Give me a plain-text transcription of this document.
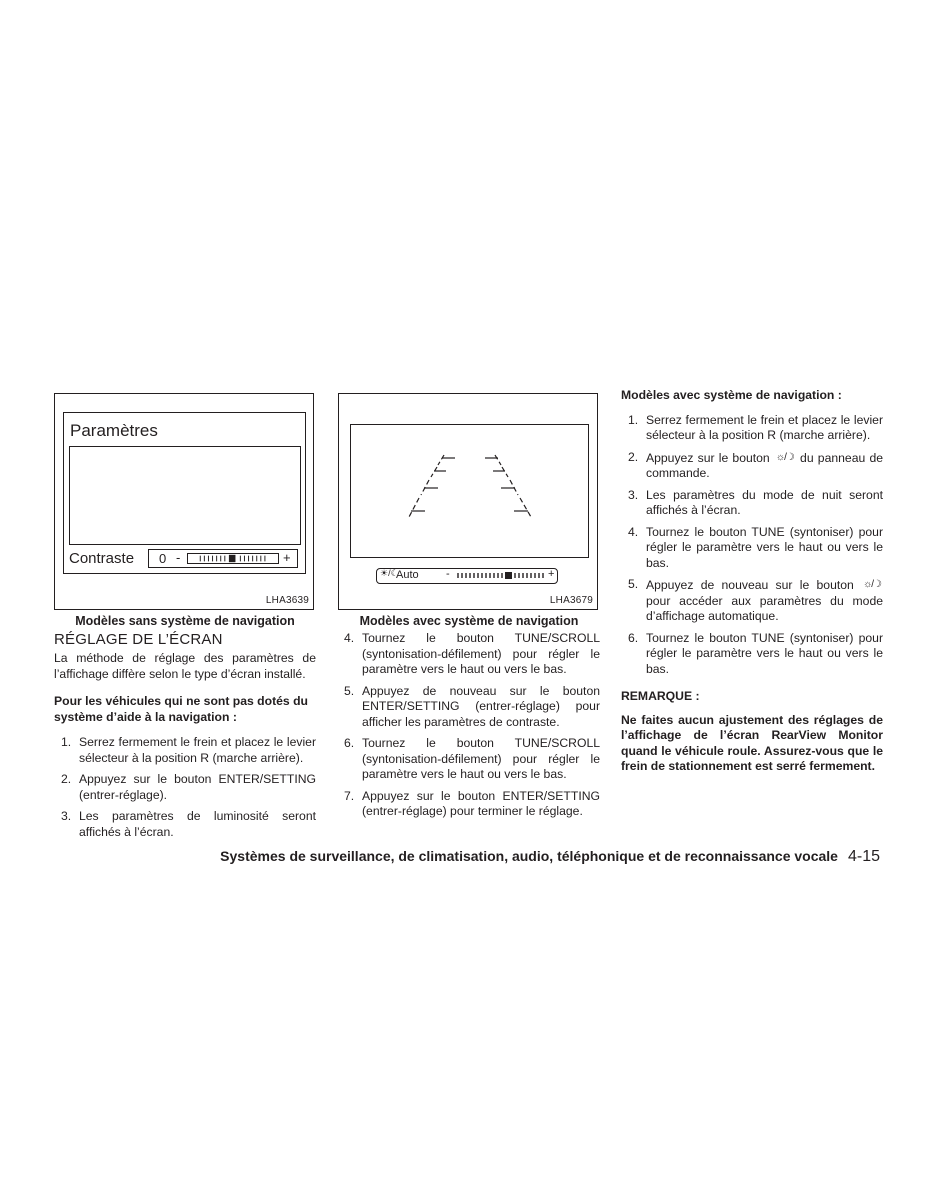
Paramètres
Contraste 0 -	+
LHA3639
Modèles sans système de navigation
RÉGLAGE DE L’ÉCRAN

La méthode de réglage des paramètres de l’affichage diffère selon le type d’écran installé.

Pour les véhicules qui ne sont pas dotés du système d’aide à la navigation :

1. Serrez fermement le frein et placez le levier sélecteur à la position R (marche arrière).
2. Appuyez sur le bouton ENTER/SETTING (entrer-réglage).
3. Les paramètres de luminosité seront affichés à l’écran.
☀/☾
Auto -	+
LHA3679
Modèles avec système de navigation
4. Tournez le bouton TUNE/SCROLL (syntonisation-défilement) pour régler le paramètre vers le haut ou vers le bas.
5. Appuyez de nouveau sur le bouton ENTER/SETTING (entrer-réglage) pour afficher les paramètres de contraste.
6. Tournez le bouton TUNE/SCROLL (syntonisation-défilement) pour régler le paramètre vers le haut ou vers le bas.
7. Appuyez sur le bouton ENTER/SETTING (entrer-réglage) pour terminer le réglage.

Modèles avec système de navigation :

1. Serrez fermement le frein et placez le levier sélecteur à la position R (marche arrière).
2. Appuyez sur le bouton ☼/☽ du panneau de commande.
3. Les paramètres du mode de nuit seront affichés à l’écran.
4. Tournez le bouton TUNE (syntoniser) pour régler le paramètre vers le haut ou vers le bas.
5. Appuyez de nouveau sur le bouton ☼/☽ pour accéder aux paramètres du mode d’affichage automatique.
6. Tournez le bouton TUNE (syntoniser) pour régler le paramètre vers le haut ou vers le bas.

REMARQUE :

Ne faites aucun ajustement des réglages de l’affichage de l’écran RearView Monitor quand le véhicule roule. Assurez-vous que le frein de stationnement est serré fermement.

Systèmes de surveillance, de climatisation, audio, téléphonique et de reconnaissance vocale 4-15
